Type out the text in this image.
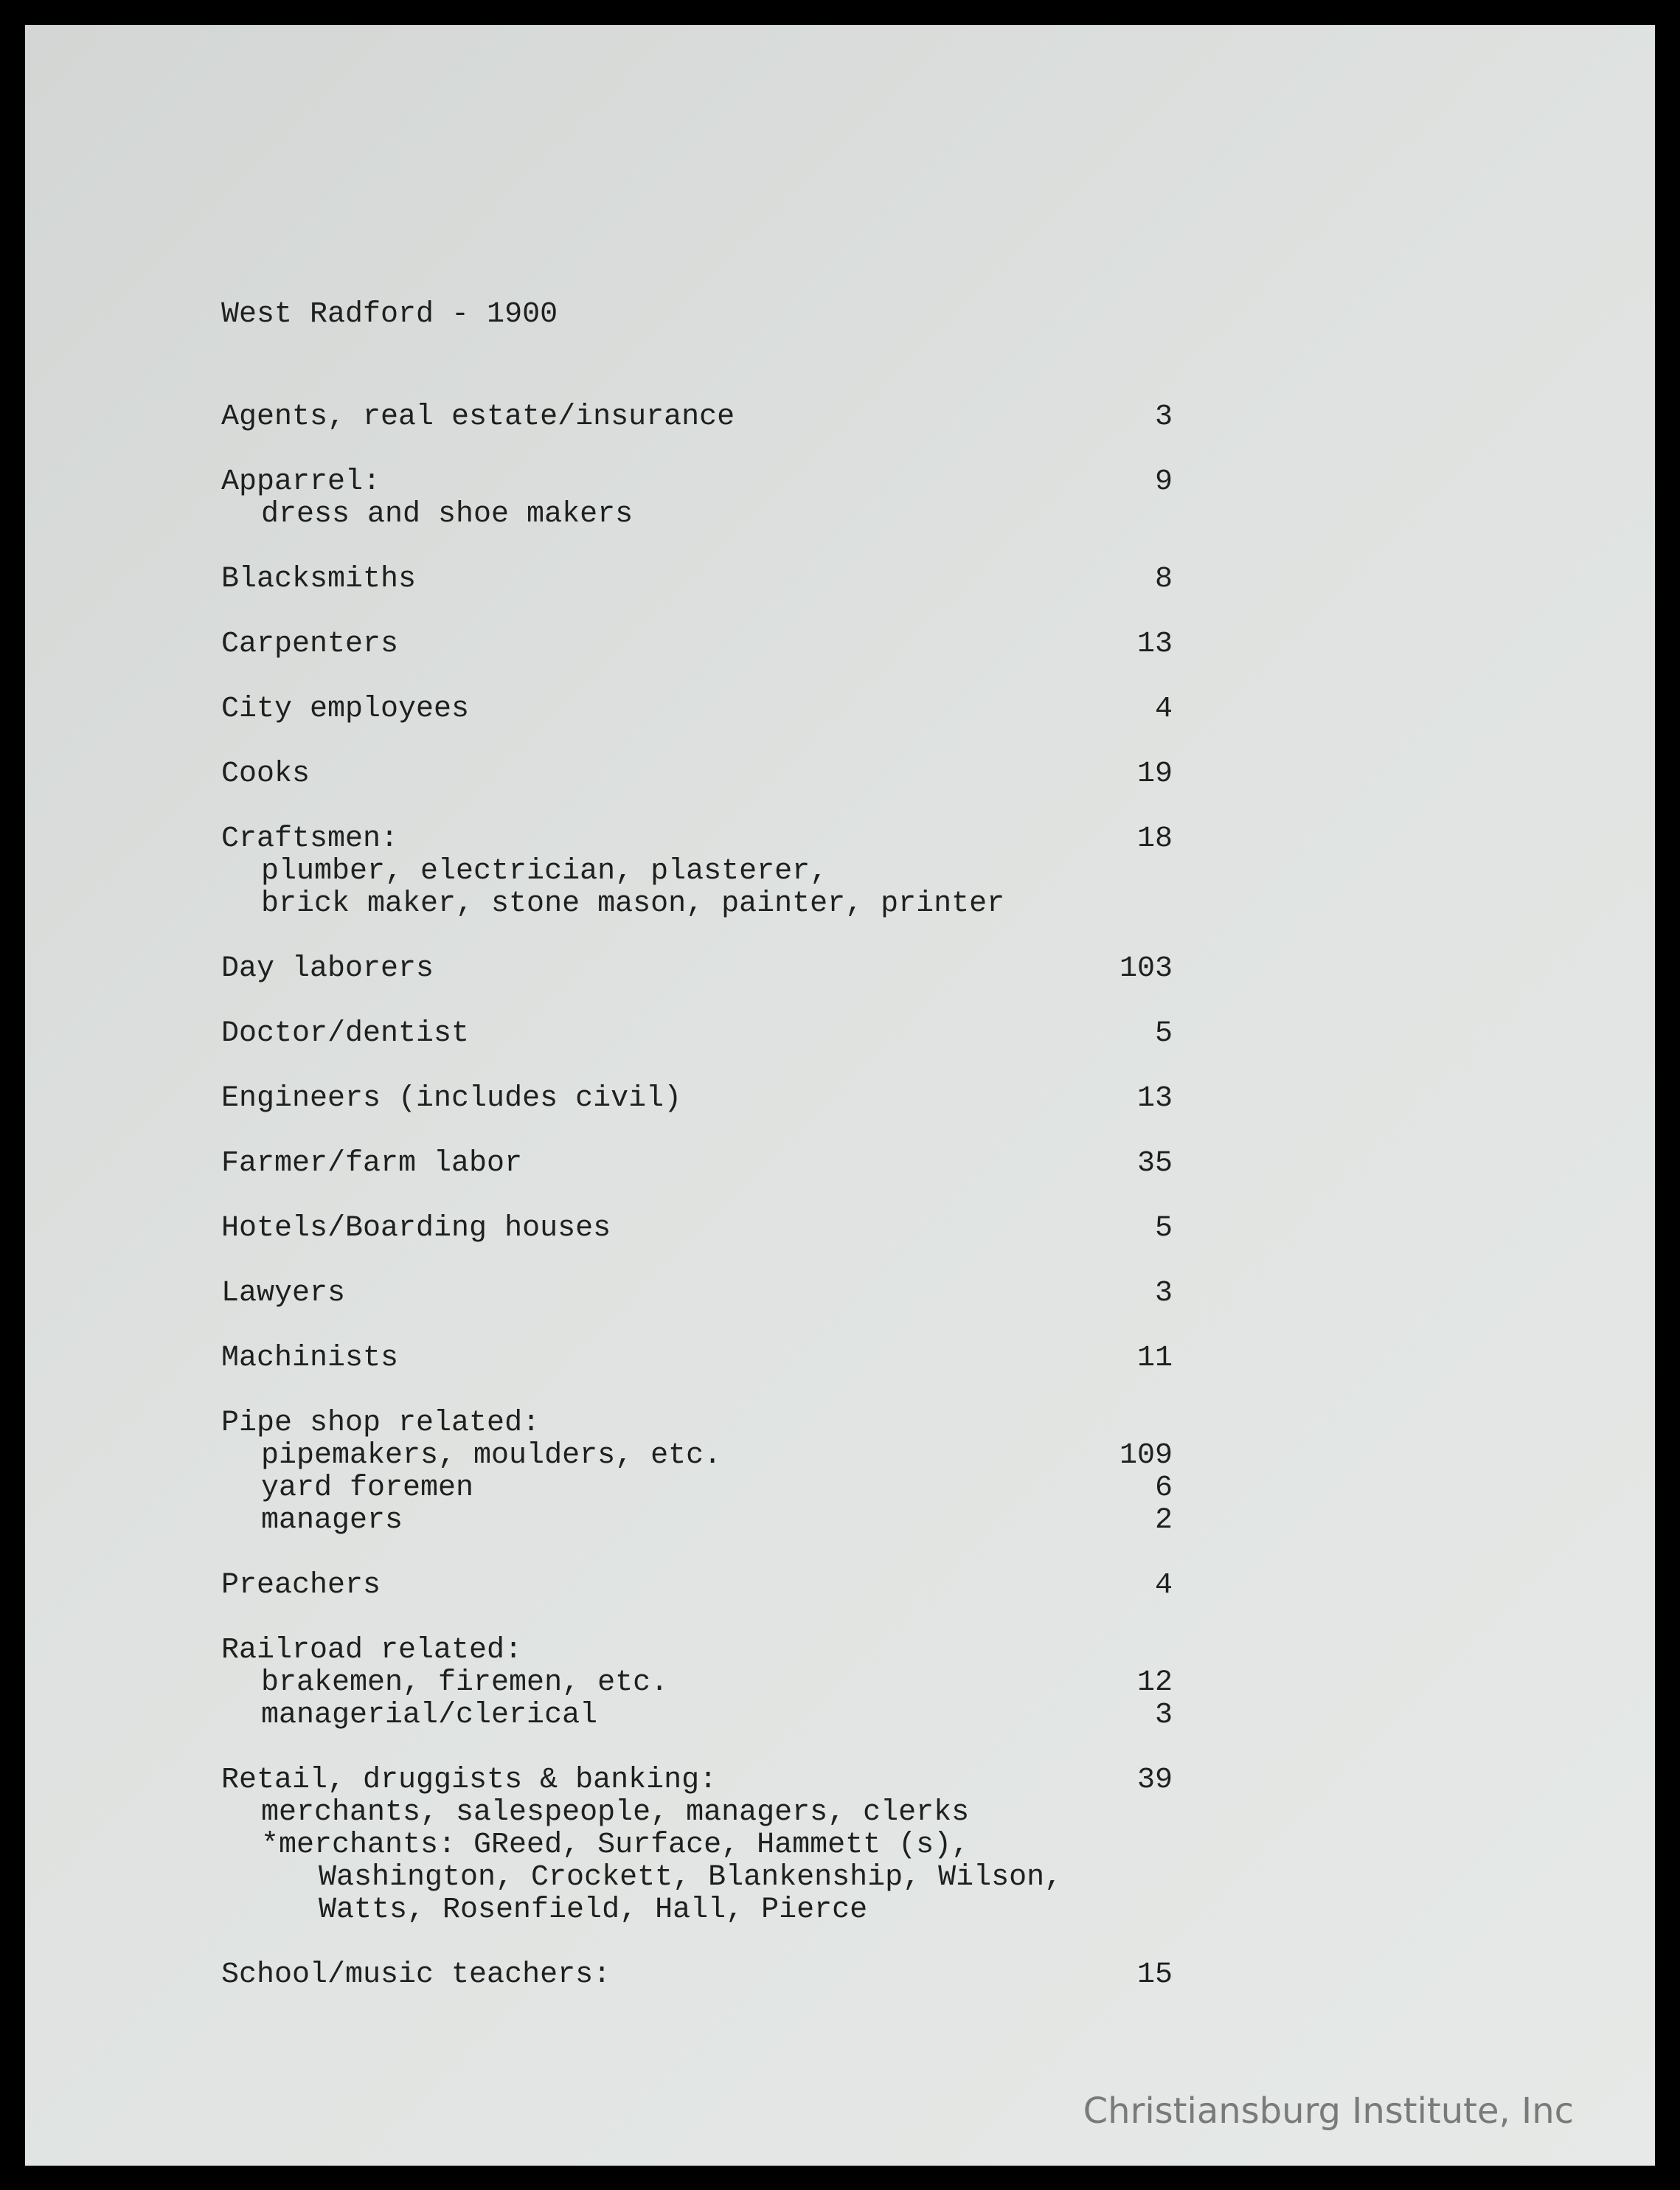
West Radford - 1900
Agents, real estate/insurance	3
Apparrel:	9
dress and shoe makers
Blacksmiths	8
Carpenters	13
City employees	4
Cooks	19
Craftsmen:	18
plumber, electrician, plasterer,
brick maker, stone mason, painter, printer
Day laborers	103
Doctor/dentist	5
Engineers (includes civil)	13
Farmer/farm labor	35
Hotels/Boarding houses	5
Lawyers	3
Machinists	11
Pipe shop related:
pipemakers, moulders, etc.	109
yard foremen	6
managers	2
Preachers	4
Railroad related:
brakemen, firemen, etc.	12
managerial/clerical	3
Retail, druggists & banking:	39
merchants, salespeople, managers, clerks
*merchants: GReed, Surface, Hammett (s),
Washington, Crockett, Blankenship, Wilson,
Watts, Rosenfield, Hall, Pierce
School/music teachers:	15
Christiansburg Institute, Inc
